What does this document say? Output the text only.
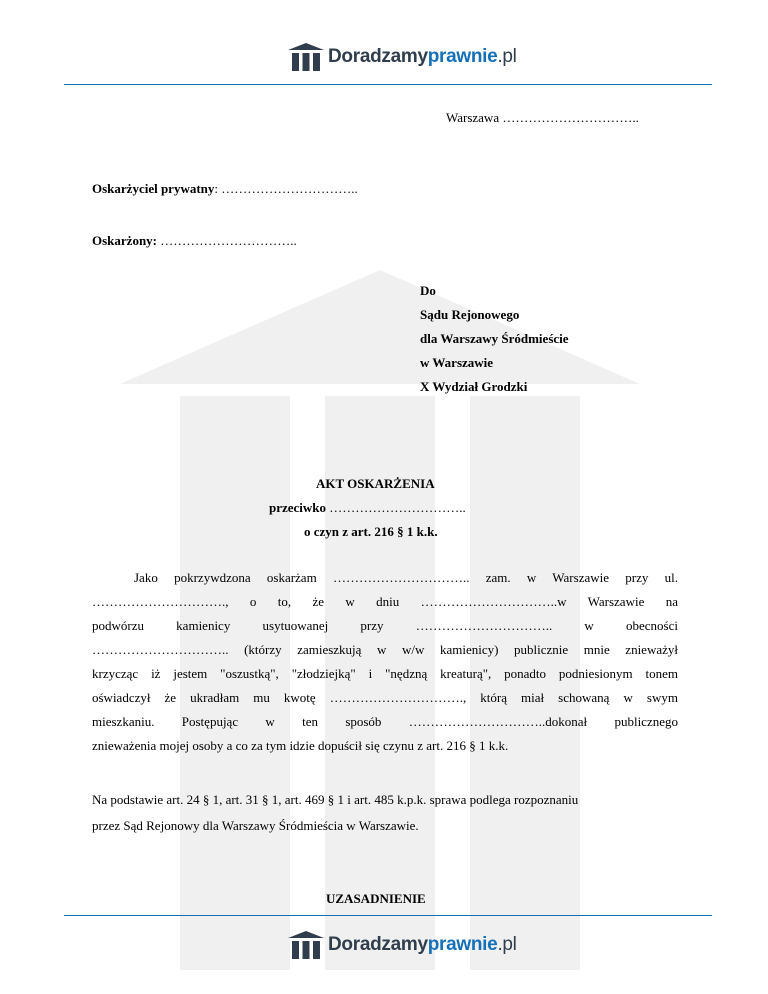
Doradzamyprawnie.pl
Warszawa …………………………..
Oskarżyciel prywatny: …………………………..
Oskarżony: …………………………..
Do
Sądu Rejonowego
dla Warszawy Śródmieście
w Warszawie
X Wydział Grodzki
AKT OSKARŻENIA
przeciwko …………………………..
o czyn z art. 216 § 1 k.k.
Jako pokrzywdzona oskarżam ………………………….. zam. w Warszawie przy ul.
…………………………., o to, że w dniu …………………………..w Warszawie na
podwórzu kamienicy usytuowanej przy ………………………….. w obecności
………………………….. (którzy zamieszkują w w/w kamienicy) publicznie mnie znieważył
krzycząc iż jestem "oszustką", "złodziejką" i "nędzną kreaturą", ponadto podniesionym tonem
oświadczył że ukradłam mu kwotę …………………………., którą miał schowaną w swym
mieszkaniu. Postępując w ten sposób …………………………..dokonał publicznego
znieważenia mojej osoby a co za tym idzie dopuścił się czynu z art. 216 § 1 k.k.
Na podstawie art. 24 § 1, art. 31 § 1, art. 469 § 1 i art. 485 k.p.k. sprawa podlega rozpoznaniu
przez Sąd Rejonowy dla Warszawy Śródmieścia w Warszawie.
UZASADNIENIE
Doradzamyprawnie.pl
